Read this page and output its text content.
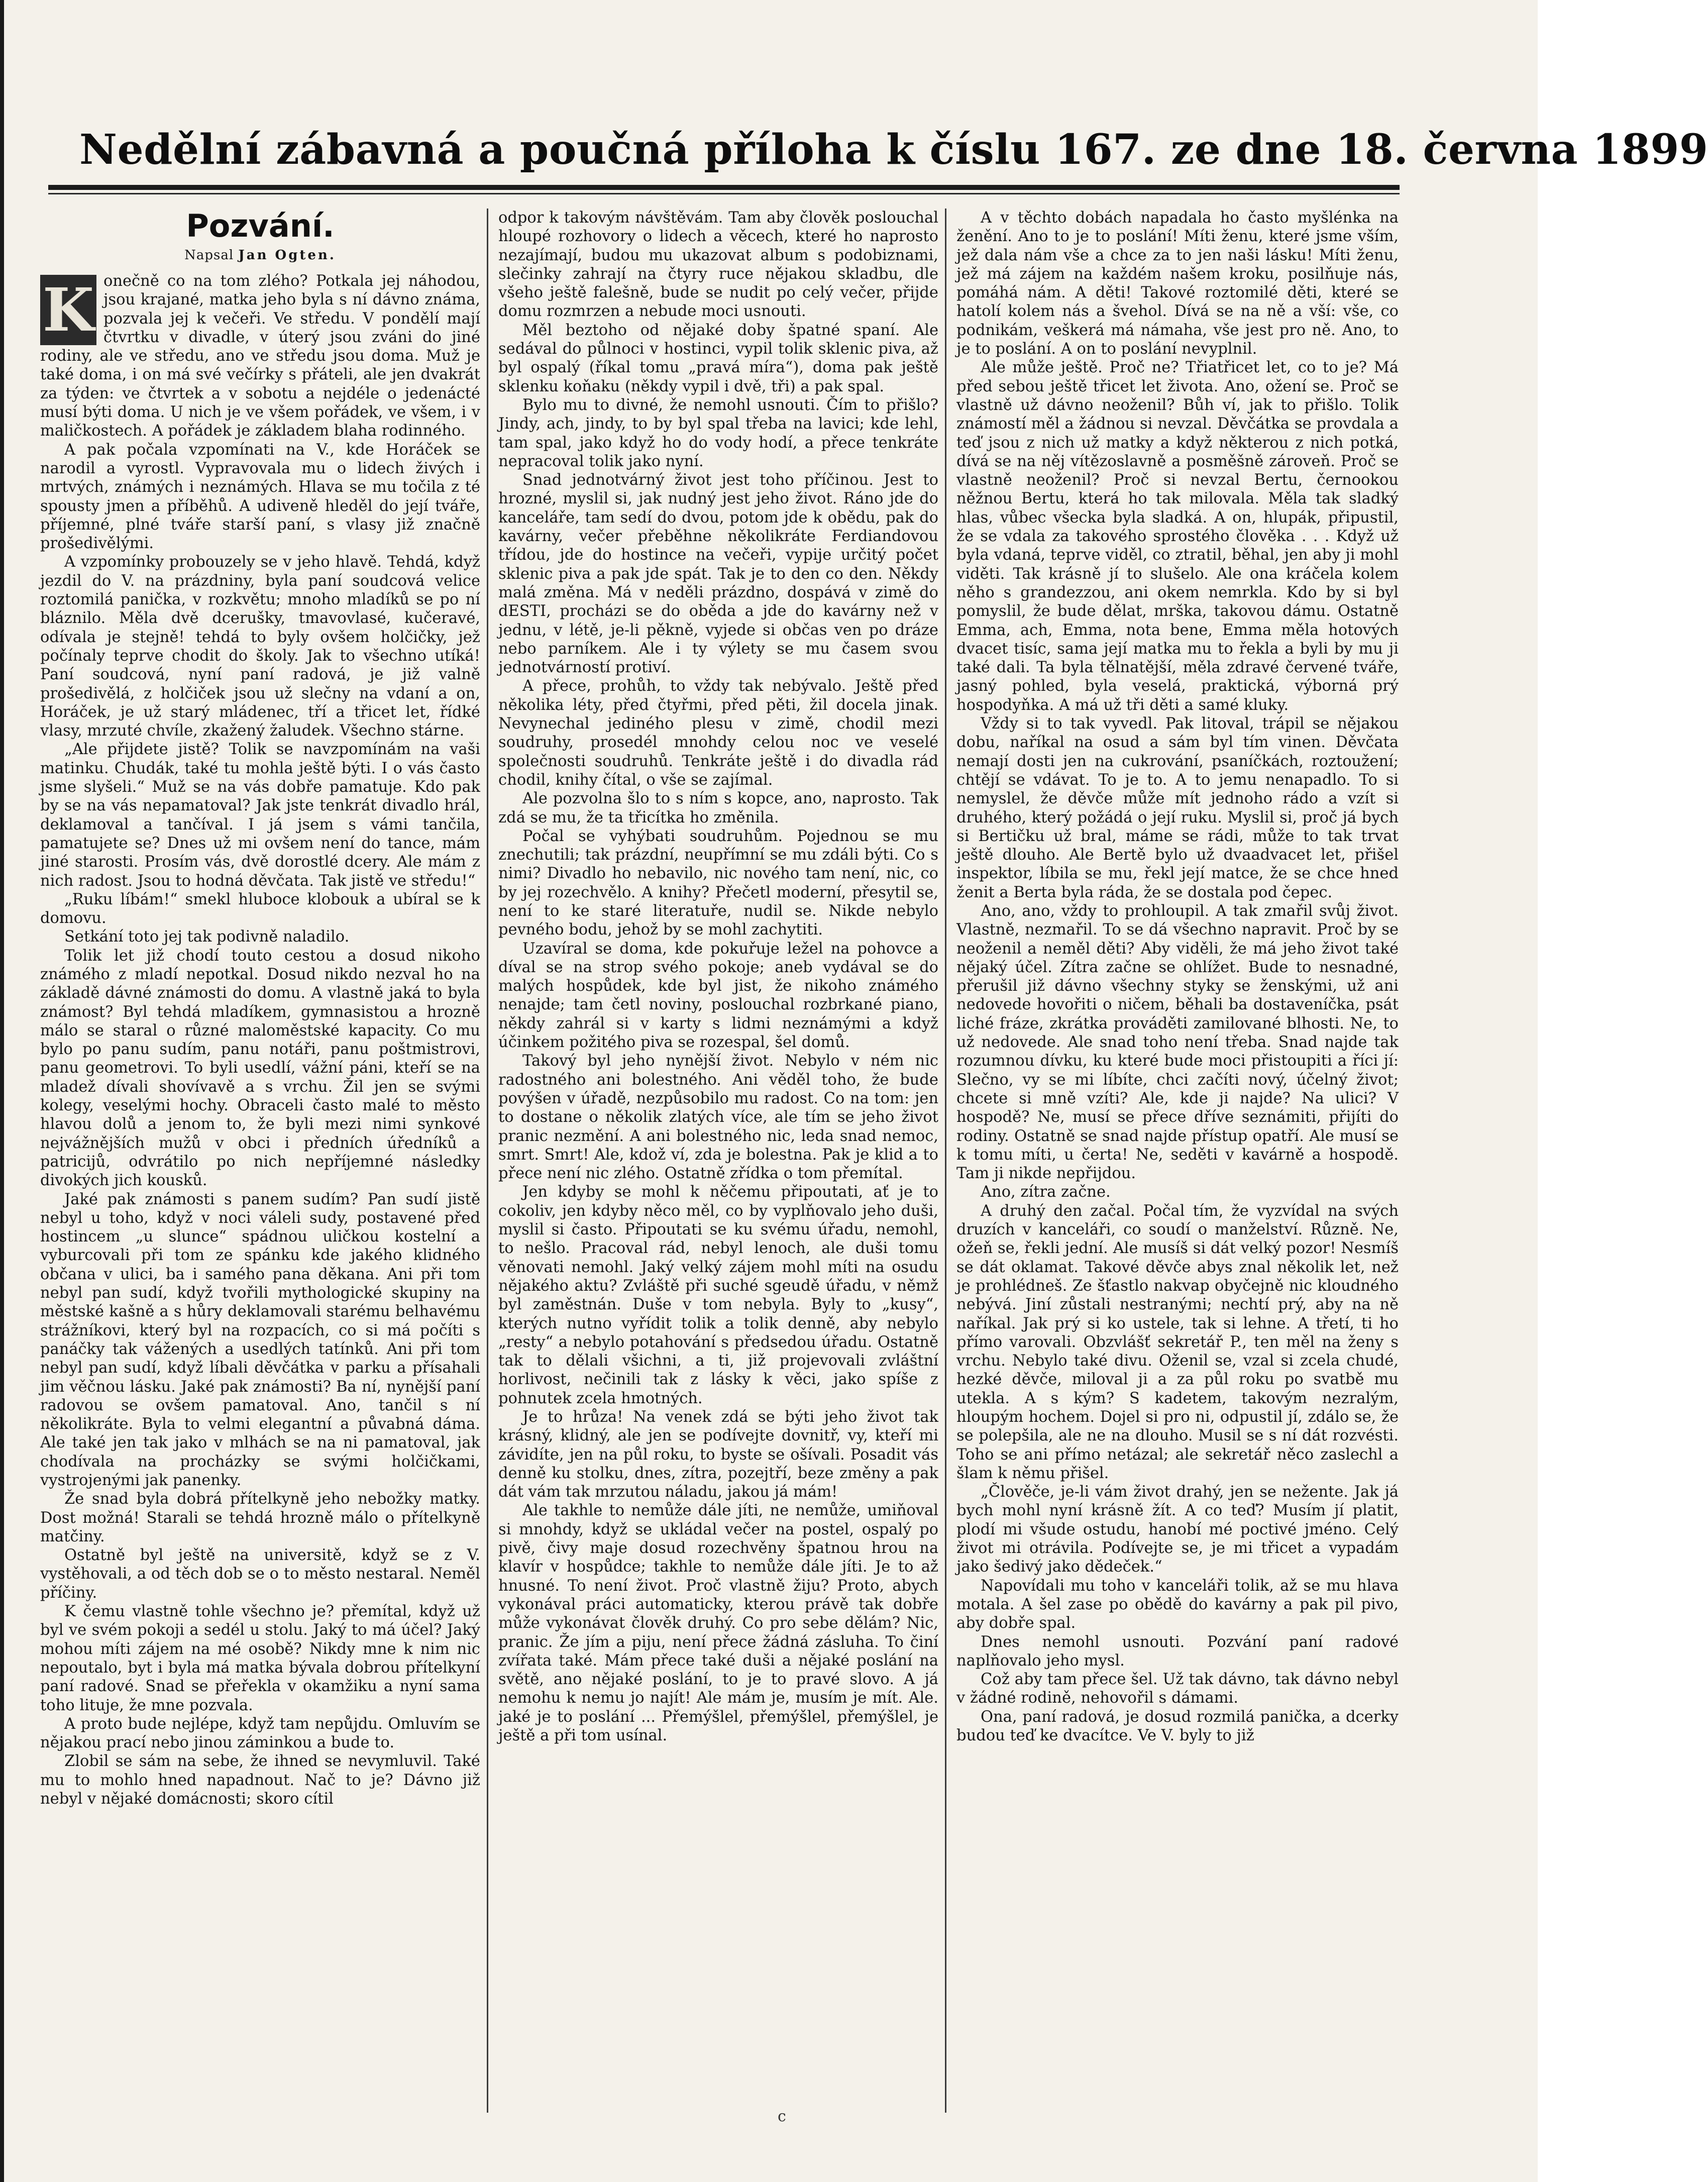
Nedělní zábavná a poučná příloha k číslu 167. ze dne 18. června 1899
Pozvání.
Napsal Jan Ogten.
K onečně co na tom zlého? Potkala jej náhodou, jsou krajané, matka jeho byla s ní dávno známa, pozvala jej k večeři. Ve středu. V pondělí mají čtvrtku v divadle, v úterý jsou zváni do jiné rodiny, ale ve středu, ano ve středu jsou doma. Muž je také doma, i on má své večírky s přáteli, ale jen dvakrát za týden: ve čtvrtek a v sobotu a nejdéle o jedenácté musí býti doma. U nich je ve všem pořádek, ve všem, i v maličkostech. A pořádek je základem blaha rodinného.

A pak počala vzpomínati na V., kde Horáček se narodil a vyrostl. Vypravovala mu o lidech živých i mrtvých, známých i neznámých. Hlava se mu točila z té spousty jmen a příběhů. A udiveně hleděl do její tváře, příjemné, plné tváře starší paní, s vlasy již značně prošedivělými.

A vzpomínky probouzely se v jeho hlavě. Tehdá, když jezdil do V. na prázdniny, byla paní soudcová velice roztomilá panička, v rozkvětu; mnoho mladíků se po ní bláznilo. Měla dvě dcerušky, tmavovlasé, kučeravé, odívala je stejně! tehdá to byly ovšem holčičky, jež počínaly teprve chodit do školy. Jak to všechno utíká! Paní soudcová, nyní paní radová, je již valně prošedivělá, z holčiček jsou už slečny na vdaní a on, Horáček, je už starý mládenec, tří a třicet let, řídké vlasy, mrzuté chvíle, zkažený žaludek. Všechno stárne.

„Ale přijdete jistě? Tolik se navzpomínám na vaši matinku. Chudák, také tu mohla ještě býti. I o vás často jsme slyšeli.“ Muž se na vás dobře pamatuje. Kdo pak by se na vás nepamatoval? Jak jste tenkrát divadlo hrál, deklamoval a tančíval. I já jsem s vámi tančila, pamatujete se? Dnes už mi ovšem není do tance, mám jiné starosti. Prosím vás, dvě dorostlé dcery. Ale mám z nich radost. Jsou to hodná děvčata. Tak jistě ve středu!“

„Ruku líbám!“ smekl hluboce klobouk a ubíral se k domovu.

Setkání toto jej tak podivně naladilo.

Tolik let již chodí touto cestou a dosud nikoho známého z mladí nepotkal. Dosud nikdo nezval ho na základě dávné známosti do domu. A vlastně jaká to byla známost? Byl tehdá mladíkem, gymnasistou a hrozně málo se staral o různé maloměstské kapacity. Co mu bylo po panu sudím, panu notáři, panu poštmistrovi, panu geometrovi. To byli usedlí, vážní páni, kteří se na mladež dívali shovívavě a s vrchu. Žil jen se svými kolegy, veselými hochy. Obraceli často malé to město hlavou dolů a jenom to, že byli mezi nimi synkové nejvážnějších mužů v obci i předních úředníků a patricijů, odvrátilo po nich nepříjemné následky divokých jich kousků.

Jaké pak známosti s panem sudím? Pan sudí jistě nebyl u toho, když v noci váleli sudy, postavené před hostincem „u slunce“ spádnou uličkou kostelní a vyburcovali při tom ze spánku kde jakého klidného občana v ulici, ba i samého pana děkana. Ani při tom nebyl pan sudí, když tvořili mythologické skupiny na městské kašně a s hůry deklamovali starému belhavému strážníkovi, který byl na rozpacích, co si má počíti s panáčky tak vážených a usedlých tatínků. Ani při tom nebyl pan sudí, když líbali děvčátka v parku a přísahali jim věčnou lásku. Jaké pak známosti? Ba ní, nynější paní radovou se ovšem pamatoval. Ano, tančil s ní několikráte. Byla to velmi elegantní a půvabná dáma. Ale také jen tak jako v mlhách se na ni pamatoval, jak chodívala na procházky se svými holčičkami, vystrojenými jak panenky.

Že snad byla dobrá přítelkyně jeho nebožky matky. Dost možná! Starali se tehdá hrozně málo o přítelkyně matčiny.

Ostatně byl ještě na universitě, když se z V. vystěhovali, a od těch dob se o to město nestaral. Neměl příčiny.

K čemu vlastně tohle všechno je? přemítal, když už byl ve svém pokoji a sedél u stolu. Jaký to má účel? Jaký mohou míti zájem na mé osobě? Nikdy mne k nim nic nepoutalo, byt i byla má matka bývala dobrou přítelkyní paní radové. Snad se přeřekla v okamžiku a nyní sama toho lituje, že mne pozvala.

A proto bude nejlépe, když tam nepůjdu. Omluvím se nějakou prací nebo jinou záminkou a bude to.

Zlobil se sám na sebe, že ihned se nevymluvil. Také mu to mohlo hned napadnout. Nač to je? Dávno již nebyl v nějaké domácnosti; skoro cítil

odpor k takovým návštěvám. Tam aby člověk poslouchal hloupé rozhovory o lidech a věcech, které ho naprosto nezajímají, budou mu ukazovat album s podobiznami, slečinky zahrají na čtyry ruce nějakou skladbu, dle všeho ještě falešně, bude se nudit po celý večer, přijde domu rozmrzen a nebude moci usnouti.

Měl beztoho od nějaké doby špatné spaní. Ale sedával do půlnoci v hostinci, vypil tolik sklenic piva, až byl ospalý (říkal tomu „pravá míra“), doma pak ještě sklenku koňaku (někdy vypil i dvě, tři) a pak spal.

Bylo mu to divné, že nemohl usnouti. Čím to přišlo? Jindy, ach, jindy, to by byl spal třeba na lavici; kde lehl, tam spal, jako když ho do vody hodí, a přece tenkráte nepracoval tolik jako nyní.

Snad jednotvárný život jest toho příčinou. Jest to hrozné, myslil si, jak nudný jest jeho život. Ráno jde do kanceláře, tam sedí do dvou, potom jde k obědu, pak do kavárny, večer přeběhne několikráte Ferdiandovou třídou, jde do hostince na večeři, vypije určitý počet sklenic piva a pak jde spát. Tak je to den co den. Někdy malá změna. Má v neděli prázdno, dospává v zimě do dESTI, procházi se do oběda a jde do kavárny než v jednu, v létě, je-li pěkně, vyjede si občas ven po dráze nebo parníkem. Ale i ty výlety se mu časem svou jednotvárností protiví.

A přece, prohůh, to vždy tak nebývalo. Ještě před několika léty, před čtyřmi, před pěti, žil docela jinak. Nevynechal jediného plesu v zimě, chodil mezi soudruhy, prosedél mnohdy celou noc ve veselé společnosti soudruhů. Tenkráte ještě i do divadla rád chodil, knihy čítal, o vše se zajímal.

Ale pozvolna šlo to s ním s kopce, ano, naprosto. Tak zdá se mu, že ta třicítka ho změnila.

Počal se vyhýbati soudruhům. Pojednou se mu znechutili; tak prázdní, neupřímní se mu zdáli býti. Co s nimi? Divadlo ho nebavilo, nic nového tam není, nic, co by jej rozechvělo. A knihy? Přečetl moderní, přesytil se, není to ke staré literatuře, nudil se. Nikde nebylo pevného bodu, jehož by se mohl zachytiti.

Uzavíral se doma, kde pokuřuje ležel na pohovce a díval se na strop svého pokoje; aneb vydával se do malých hospůdek, kde byl jist, že nikoho známého nenajde; tam četl noviny, poslouchal rozbrkané piano, někdy zahrál si v karty s lidmi neznámými a když účinkem požitého piva se rozespal, šel domů.

Takový byl jeho nynější život. Nebylo v ném nic radostného ani bolestného. Ani věděl toho, že bude povýšen v úřadě, nezpůsobilo mu radost. Co na tom: jen to dostane o několik zlatých více, ale tím se jeho život pranic nezmění. A ani bolestného nic, leda snad nemoc, smrt. Smrt! Ale, kdož ví, zda je bolestna. Pak je klid a to přece není nic zlého. Ostatně zřídka o tom přemítal.

Jen kdyby se mohl k něčemu připoutati, ať je to cokoliv, jen kdyby něco měl, co by vyplňovalo jeho duši, myslil si často. Připoutati se ku svému úřadu, nemohl, to nešlo. Pracoval rád, nebyl lenoch, ale duši tomu věnovati nemohl. Jaký velký zájem mohl míti na osudu nějakého aktu? Zvláště při suché sgeudě úřadu, v němž byl zaměstnán. Duše v tom nebyla. Byly to „kusy“, kterých nutno vyřídit tolik a tolik denně, aby nebylo „resty“ a nebylo potahování s předsedou úřadu. Ostatně tak to dělali všichni, a ti, již projevovali zvláštní horlivost, nečinili tak z lásky k věci, jako spíše z pohnutek zcela hmotných.

Je to hrůza! Na venek zdá se býti jeho život tak krásný, klidný, ale jen se podívejte dovnitř, vy, kteří mi závidíte, jen na půl roku, to byste se ošívali. Posadit vás denně ku stolku, dnes, zítra, pozejtří, beze změny a pak dát vám tak mrzutou náladu, jakou já mám!

Ale takhle to nemůže dále jíti, ne nemůže, umiňoval si mnohdy, když se ukládal večer na postel, ospalý po pivě, čivy maje dosud rozechvěny špatnou hrou na klavír v hospůdce; takhle to nemůže dále jíti. Je to až hnusné. To není život. Proč vlastně žiju? Proto, abych vykonával práci automaticky, kterou právě tak dobře může vykonávat člověk druhý. Co pro sebe dělám? Nic, pranic. Že jím a piju, není přece žádná zásluha. To činí zvířata také. Mám přece také duši a nějaké poslání na světě, ano nějaké poslání, to je to pravé slovo. A já nemohu k nemu jo najít! Ale mám je, musím je mít. Ale. jaké je to poslání ... Přemýšlel, přemýšlel, přemýšlel, je ještě a při tom usínal.

A v těchto dobách napadala ho často myšlénka na ženění. Ano to je to poslání! Míti ženu, které jsme vším, jež dala nám vše a chce za to jen naši lásku! Míti ženu, jež má zájem na každém našem kroku, posilňuje nás, pomáhá nám. A děti! Takové roztomilé děti, které se hatolí kolem nás a švehol. Dívá se na ně a vší: vše, co podnikám, veškerá má námaha, vše jest pro ně. Ano, to je to poslání. A on to poslání nevyplnil.

Ale může ještě. Proč ne? Třiatřicet let, co to je? Má před sebou ještě třicet let života. Ano, ožení se. Proč se vlastně už dávno neoženil? Bůh ví, jak to přišlo. Tolik známostí měl a žádnou si nevzal. Děvčátka se provdala a teď jsou z nich už matky a když některou z nich potká, dívá se na něj vítězoslavně a posměšně zároveň. Proč se vlastně neoženil? Proč si nevzal Bertu, černookou něžnou Bertu, která ho tak milovala. Měla tak sladký hlas, vůbec všecka byla sladká. A on, hlupák, připustil, že se vdala za takového sprostého člověka . . . Když už byla vdaná, teprve viděl, co ztratil, běhal, jen aby ji mohl viděti. Tak krásně jí to slušelo. Ale ona kráčela kolem něho s grandezzou, ani okem nemrkla. Kdo by si byl pomyslil, že bude dělat, mrška, takovou dámu. Ostatně Emma, ach, Emma, nota bene, Emma měla hotových dvacet tisíc, sama její matka mu to řekla a byli by mu ji také dali. Ta byla tělnatější, měla zdravé červené tváře, jasný pohled, byla veselá, praktická, výborná prý hospodyňka. A má už tři děti a samé kluky.

Vždy si to tak vyvedl. Pak litoval, trápil se nějakou dobu, naříkal na osud a sám byl tím vinen. Děvčata nemají dosti jen na cukrování, psaníčkách, roztoužení; chtějí se vdávat. To je to. A to jemu nenapadlo. To si nemyslel, že děvče může mít jednoho rádo a vzít si druhého, který požádá o její ruku. Myslil si, proč já bych si Bertičku už bral, máme se rádi, může to tak trvat ještě dlouho. Ale Bertě bylo už dvaadvacet let, přišel inspektor, líbila se mu, řekl její matce, že se chce hned ženit a Berta byla ráda, že se dostala pod čepec.

Ano, ano, vždy to prohloupil. A tak zmařil svůj život. Vlastně, nezmařil. To se dá všechno napravit. Proč by se neoženil a neměl děti? Aby viděli, že má jeho život také nějaký účel. Zítra začne se ohlížet. Bude to nesnadné, přerušil již dávno všechny styky se ženskými, už ani nedovede hovořiti o ničem, běhali ba dostaveníčka, psát liché fráze, zkrátka prováděti zamilované blhosti. Ne, to už nedovede. Ale snad toho není třeba. Snad najde tak rozumnou dívku, ku které bude moci přistoupiti a říci jí: Slečno, vy se mi líbíte, chci začíti nový, účelný život; chcete si mně vzíti? Ale, kde ji najde? Na ulici? V hospodě? Ne, musí se přece dříve seznámiti, přijíti do rodiny. Ostatně se snad najde přístup opatří. Ale musí se k tomu míti, u čerta! Ne, seděti v kavárně a hospodě. Tam ji nikde nepřijdou.

Ano, zítra začne.

A druhý den začal. Počal tím, že vyzvídal na svých druzích v kanceláři, co soudí o manželství. Různě. Ne, ožeň se, řekli jední. Ale musíš si dát velký pozor! Nesmíš se dát oklamat. Takové děvče abys znal několik let, než je prohlédneš. Ze šťastlo nakvap obyčejně nic kloudného nebývá. Jiní zůstali nestranými; nechtí prý, aby na ně naříkal. Jak prý si ko ustele, tak si lehne. A třetí, ti ho přímo varovali. Obzvlášť sekretář P., ten měl na ženy s vrchu. Nebylo také divu. Oženil se, vzal si zcela chudé, hezké děvče, miloval ji a za půl roku po svatbě mu utekla. A s kým? S kadetem, takovým nezralým, hloupým hochem. Dojel si pro ni, odpustil jí, zdálo se, že se polepšila, ale ne na dlouho. Musil se s ní dát rozvésti. Toho se ani přímo netázal; ale sekretář něco zaslechl a šlam k němu přišel.

„Člověče, je-li vám život drahý, jen se nežente. Jak já bych mohl nyní krásně žít. A co teď? Musím jí platit, plodí mi všude ostudu, hanobí mé poctivé jméno. Celý život mi otrávila. Podívejte se, je mi třicet a vypadám jako šedivý jako dědeček.“

Napovídali mu toho v kanceláři tolik, až se mu hlava motala. A šel zase po obědě do kavárny a pak pil pivo, aby dobře spal.

Dnes nemohl usnouti. Pozvání paní radové naplňovalo jeho mysl.

Což aby tam přece šel. Už tak dávno, tak dávno nebyl v žádné rodině, nehovořil s dámami.

Ona, paní radová, je dosud rozmilá panička, a dcerky budou teď ke dvacítce. Ve V. byly to již

c
